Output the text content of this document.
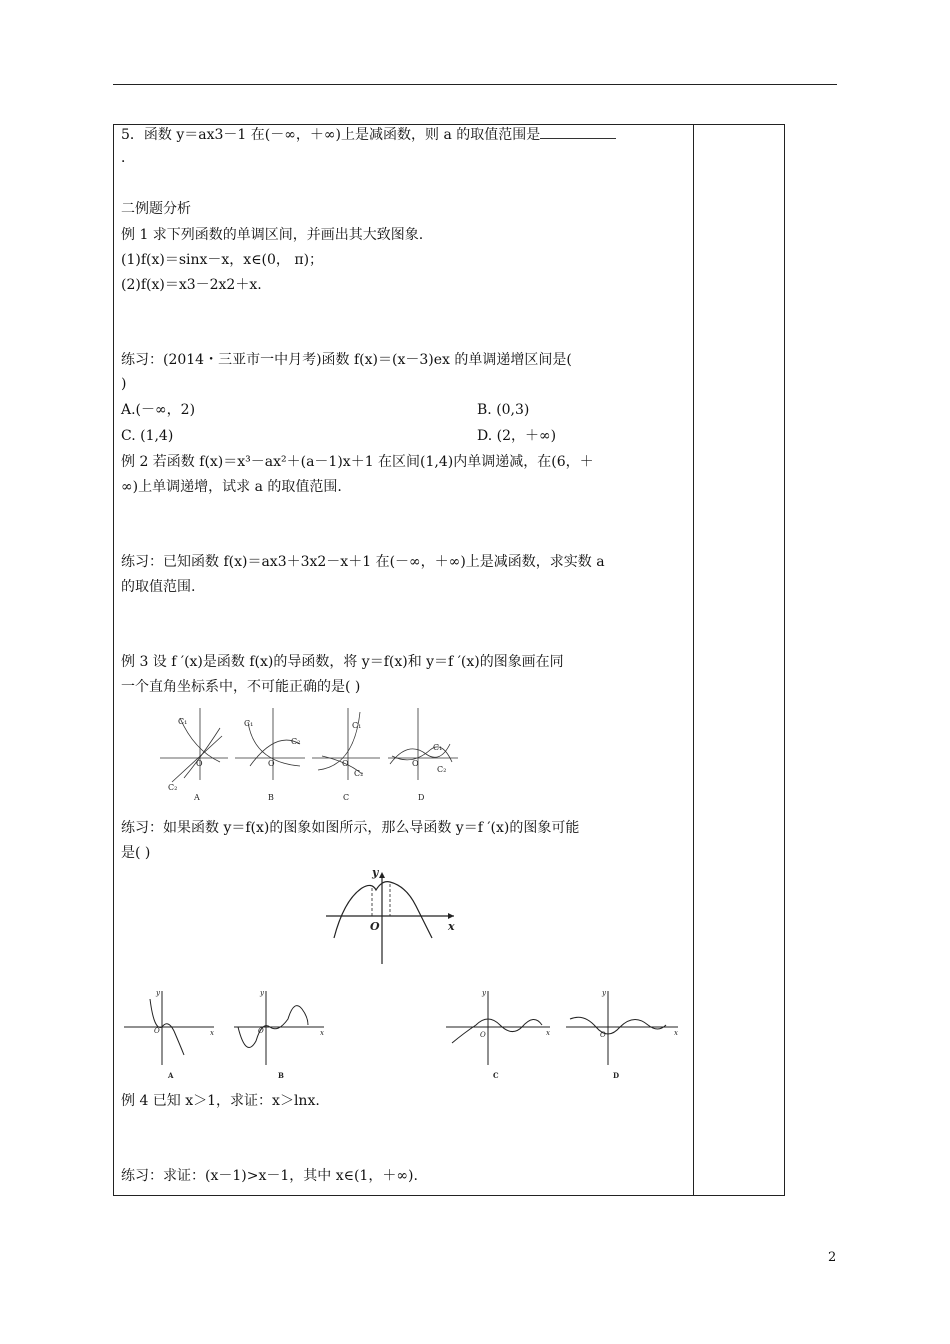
5．函数 y＝ax3－1 在(－∞，＋∞)上是减函数，则 a 的取值范围是
．
二例题分析
例 1 求下列函数的单调区间，并画出其大致图象.
(1)f(x)＝sinx－x，x∈(0， π)；
(2)f(x)＝x3－2x2＋x.
练习：(2014・三亚市一中月考)函数 f(x)＝(x－3)ex 的单调递增区间是(
)
A.(－∞，2)	B. (0,3)
C. (1,4)	D. (2，＋∞)
例 2 若函数 f(x)＝x³－ax²＋(a－1)x＋1 在区间(1,4)内单调递减，在(6，＋
∞)上单调递增，试求 a 的取值范围.
练习：已知函数 f(x)＝ax3＋3x2－x＋1 在(－∞，＋∞)上是减函数，求实数 a
的取值范围.
例 3 设 f ′(x)是函数 f(x)的导函数，将 y＝f(x)和 y＝f ′(x)的图象画在同
一个直角坐标系中，不可能正确的是( )
C₁
O
C₂
C₁
C₂
O
C₁
C₂
O
C₁
C₂
O
A	B	C	D
练习：如果函数 y＝f(x)的图象如图所示，那么导函数 y＝f ′(x)的图象可能
是( )
y
O	x
y
O	x
y
O	x
y
O	x
y
O	x
A	B	C	D
例 4 已知 x＞1，求证：x＞lnx.
练习：求证：(x－1)>x－1，其中 x∈(1，＋∞).
2
